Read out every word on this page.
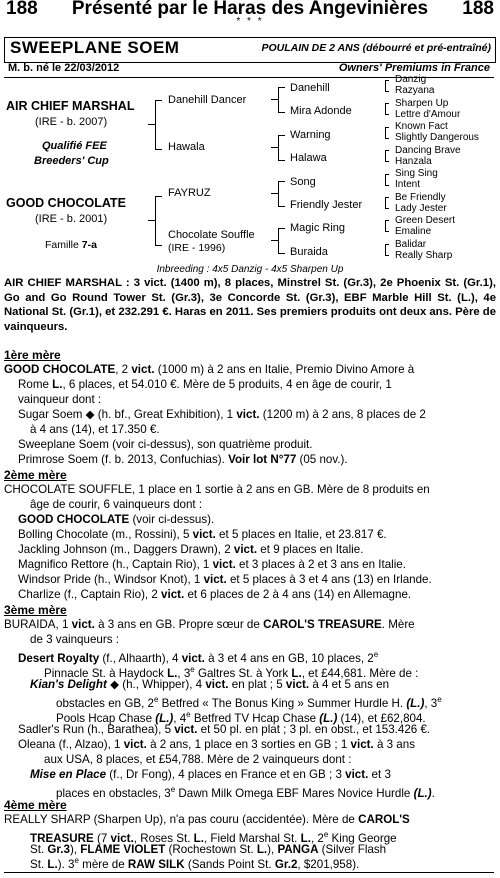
188	Présenté par le Haras des Angevinières	188
* * *
SWEEPLANE SOEM	POULAIN DE 2 ANS (débourré et pré-entraîné)
M. b. né le 22/03/2012	Owners' Premiums in France
AIR CHIEF MARSHAL
(IRE - b. 2007)
Qualifié FEE
Breeders' Cup
GOOD CHOCOLATE
(IRE - b. 2001)
Famille 7-a
Danehill Dancer
Hawala
FAYRUZ
Chocolate Souffle
(IRE - 1996)
Danehill
Mira Adonde
Warning
Halawa
Song
Friendly Jester
Magic Ring
Buraida
Danzig
Razyana
Sharpen Up
Lettre d'Amour
Known Fact
Slightly Dangerous
Dancing Brave
Hanzala
Sing Sing
Intent
Be Friendly
Lady Jester
Green Desert
Emaline
Balidar
Really Sharp
Inbreeding : 4x5 Danzig - 4x5 Sharpen Up
AIR CHIEF MARSHAL : 3 vict. (1400 m), 8 places, Minstrel St. (Gr.3), 2e Phoenix St. (Gr.1), Go and Go Round Tower St. (Gr.3), 3e Concorde St. (Gr.3), EBF Marble Hill St. (L.), 4e National St. (Gr.1), et 232.291 €. Haras en 2011. Ses premiers produits ont deux ans. Père de vainqueurs.
1ère mère
GOOD CHOCOLATE, 2 vict. (1000 m) à 2 ans en Italie, Premio Divino Amore à
Rome L., 6 places, et 54.010 €. Mère de 5 produits, 4 en âge de courir, 1
vainqueur dont :
Sugar Soem ◆ (h. bf., Great Exhibition), 1 vict. (1200 m) à 2 ans, 8 places de 2
à 4 ans (14), et 17.350 €.
Sweeplane Soem (voir ci-dessus), son quatrième produit.
Primrose Soem (f. b. 2013, Confuchias). Voir lot N°77 (05 nov.).
2ème mère
CHOCOLATE SOUFFLE, 1 place en 1 sortie à 2 ans en GB. Mère de 8 produits en
âge de courir, 6 vainqueurs dont :
GOOD CHOCOLATE (voir ci-dessus).
Bolling Chocolate (m., Rossini), 5 vict. et 5 places en Italie, et 23.817 €.
Jackling Johnson (m., Daggers Drawn), 2 vict. et 9 places en Italie.
Magnifico Rettore (h., Captain Rio), 1 vict. et 3 places à 2 et 3 ans en Italie.
Windsor Pride (h., Windsor Knot), 1 vict. et 5 places à 3 et 4 ans (13) en Irlande.
Charlize (f., Captain Rio), 2 vict. et 6 places de 2 à 4 ans (14) en Allemagne.
3ème mère
BURAIDA, 1 vict. à 3 ans en GB. Propre sœur de CAROL'S TREASURE. Mère
de 3 vainqueurs :
Desert Royalty (f., Alhaarth), 4 vict. à 3 et 4 ans en GB, 10 places, 2e
Pinnacle St. à Haydock L., 3e Galtres St. à York L., et £44,681. Mère de :
Kian's Delight ◆ (h., Whipper), 4 vict. en plat ; 5 vict. à 4 et 5 ans en
obstacles en GB, 2e Betfred « The Bonus King » Summer Hurdle H. (L.), 3e
Pools Hcap Chase (L.), 4e Betfred TV Hcap Chase (L.) (14), et £62,804.
Sadler's Run (h., Barathea), 5 vict. et 50 pl. en plat ; 3 pl. en obst., et 153.426 €.
Oleana (f., Alzao), 1 vict. à 2 ans, 1 place en 3 sorties en GB ; 1 vict. à 3 ans
aux USA, 8 places, et £54,788. Mère de 2 vainqueurs dont :
Mise en Place (f., Dr Fong), 4 places en France et en GB ; 3 vict. et 3
places en obstacles, 3e Dawn Milk Omega EBF Mares Novice Hurdle (L.).
4ème mère
REALLY SHARP (Sharpen Up), n'a pas couru (accidentée). Mère de CAROL'S
TREASURE (7 vict., Roses St. L., Field Marshal St. L., 2e King George
St. Gr.3), FLAME VIOLET (Rochestown St. L.), PANGA (Silver Flash
St. L.). 3e mère de RAW SILK (Sands Point St. Gr.2, $201,958).
